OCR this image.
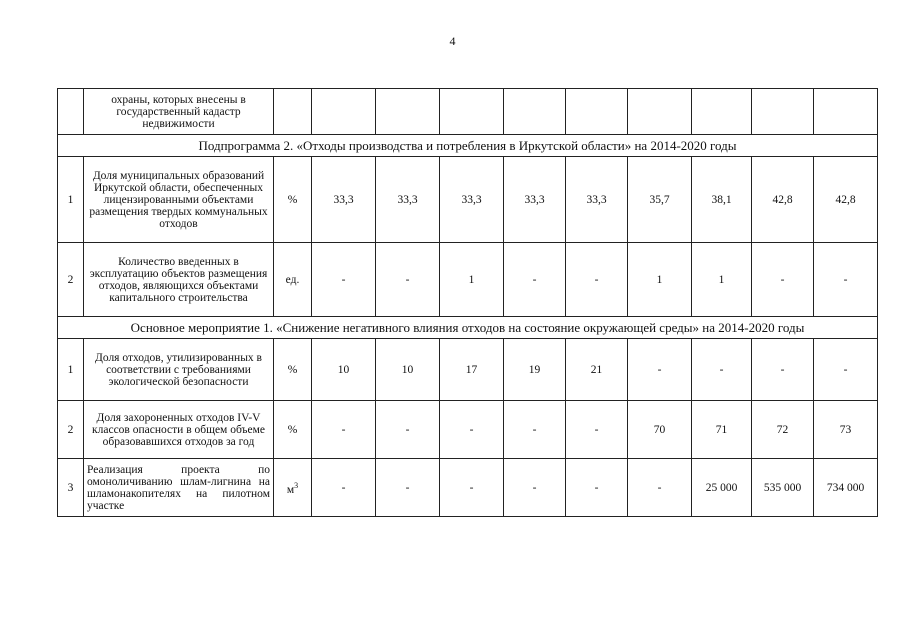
4
	охраны, которых внесены в государственный кадастр недвижимости										
Подпрограмма 2. «Отходы производства и потребления в Иркутской области» на 2014-2020 годы											
1	Доля муниципальных образований Иркутской области, обеспеченных лицензированными объектами размещения твердых коммунальных отходов	%	33,3	33,3	33,3	33,3	33,3	35,7	38,1	42,8	42,8
2	Количество введенных в эксплуатацию объектов размещения отходов, являющихся объектами капитального строительства	ед.	-	-	1	-	-	1	1	-	-
Основное мероприятие 1. «Снижение негативного влияния отходов на состояние окружающей среды» на 2014-2020 годы											
1	Доля отходов, утилизированных в соответствии с требованиями экологической безопасности	%	10	10	17	19	21	-	-	-	-
2	Доля захороненных отходов IV-V классов опасности в общем объеме образовавшихся отходов за год	%	-	-	-	-	-	70	71	72	73
3	Реализация проекта по омоноличиванию шлам-лигнина на шламонакопителях на пилотном участке	$м^3$	-	-	-	-	-	-	25 000	535 000	734 000
